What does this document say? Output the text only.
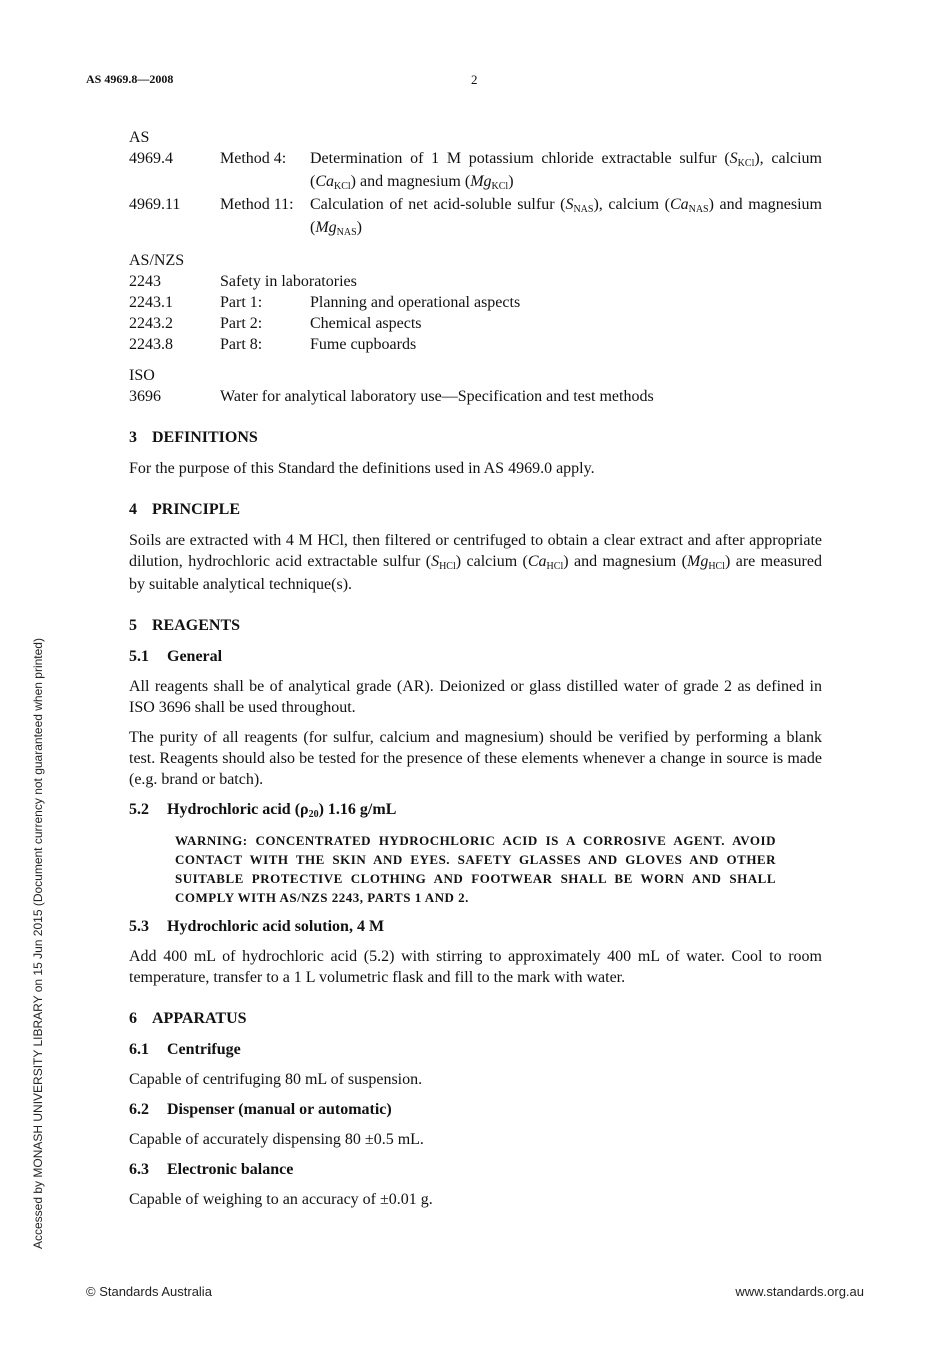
AS 4969.8—2008	2
Accessed by MONASH UNIVERSITY LIBRARY on 15 Jun 2015 (Document currency not guaranteed when printed)
AS
4969.4	Method 4:	Determination of 1 M potassium chloride extractable sulfur (SKCl), calcium (CaKCl) and magnesium (MgKCl)
4969.11	Method 11:	Calculation of net acid-soluble sulfur (SNAS), calcium (CaNAS) and magnesium (MgNAS)
AS/NZS
2243	Safety in laboratories
2243.1	Part 1:	Planning and operational aspects
2243.2	Part 2:	Chemical aspects
2243.8	Part 8:	Fume cupboards
ISO
3696	Water for analytical laboratory use—Specification and test methods
3 DEFINITIONS

For the purpose of this Standard the definitions used in AS 4969.0 apply.

4 PRINCIPLE

Soils are extracted with 4 M HCl, then filtered or centrifuged to obtain a clear extract and after appropriate dilution, hydrochloric acid extractable sulfur (SHCl) calcium (CaHCl) and magnesium (MgHCl) are measured by suitable analytical technique(s).

5 REAGENTS
5.1 General

All reagents shall be of analytical grade (AR). Deionized or glass distilled water of grade 2 as defined in ISO 3696 shall be used throughout.

The purity of all reagents (for sulfur, calcium and magnesium) should be verified by performing a blank test. Reagents should also be tested for the presence of these elements whenever a change in source is made (e.g. brand or batch).

5.2 Hydrochloric acid (ρ20) 1.16 g/mL
WARNING: CONCENTRATED HYDROCHLORIC ACID IS A CORROSIVE AGENT. AVOID CONTACT WITH THE SKIN AND EYES. SAFETY GLASSES AND GLOVES AND OTHER SUITABLE PROTECTIVE CLOTHING AND FOOTWEAR SHALL BE WORN AND SHALL COMPLY WITH AS/NZS 2243, PARTS 1 AND 2.
5.3 Hydrochloric acid solution, 4 M

Add 400 mL of hydrochloric acid (5.2) with stirring to approximately 400 mL of water. Cool to room temperature, transfer to a 1 L volumetric flask and fill to the mark with water.

6 APPARATUS
6.1 Centrifuge

Capable of centrifuging 80 mL of suspension.

6.2 Dispenser (manual or automatic)

Capable of accurately dispensing 80 ±0.5 mL.

6.3 Electronic balance

Capable of weighing to an accuracy of ±0.01 g.

© Standards Australia	www.standards.org.au
